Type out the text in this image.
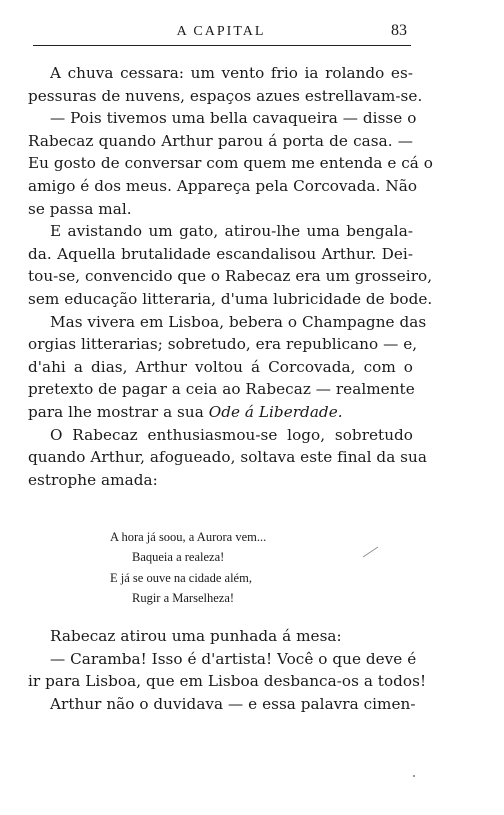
A CAPITAL	83
A chuva cessara: um vento frio ia rolando es-
pessuras de nuvens, espaços azues estrellavam-se.
— Pois tivemos uma bella cavaqueira — disse o
Rabecaz quando Arthur parou á porta de casa. —
Eu gosto de conversar com quem me entenda e cá o
amigo é dos meus. Appareça pela Corcovada. Não
se passa mal.
E avistando um gato, atirou-lhe uma bengala-
da. Aquella brutalidade escandalisou Arthur. Dei-
tou-se, convencido que o Rabecaz era um grosseiro,
sem educação litteraria, d'uma lubricidade de bode.
Mas vivera em Lisboa, bebera o Champagne das
orgias litterarias; sobretudo, era republicano — e,
d'ahi a dias, Arthur voltou á Corcovada, com o
pretexto de pagar a ceia ao Rabecaz — realmente
para lhe mostrar a sua Ode á Liberdade.
O Rabecaz enthusiasmou-se logo, sobretudo
quando Arthur, afogueado, soltava este final da sua
estrophe amada:
A hora já soou, a Aurora vem...
Baqueia a realeza!
E já se ouve na cidade além,
Rugir a Marselheza!
Rabecaz atirou uma punhada á mesa:
— Caramba! Isso é d'artista! Você o que deve é
ir para Lisboa, que em Lisboa desbanca-os a todos!
Arthur não o duvidava — e essa palavra cimen-
